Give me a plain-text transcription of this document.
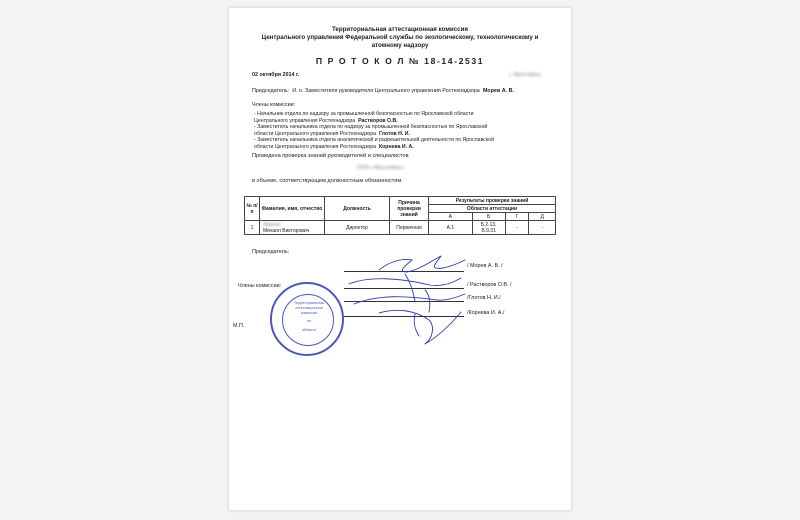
Территориальная аттестационная комиссия
Центрального управления Федеральной службы по экологическому, технологическому и
атомному надзору
П Р О Т О К О Л № 18-14-2531
02 октября 2014 г.	г. Ярославль
Председатель: И. о. Заместителя руководителя Центрального управления Ростехнадзора Морев А. В.
Члены комиссии:
- Начальник отдела по надзору за промышленной безопасностью по Ярославской области
Центрального управления Ростехнадзора Растворов О.В.
- Заместитель начальника отдела по надзору за промышленной безопасностью по Ярославской
области Центрального управления Ростехнадзора Глотов Н. И.
- Заместитель начальника отдела аналитической и разрешительной деятельности по Ярославской
области Центрального управления Ростехнадзора Корнева И. А.
Проведена проверка знаний руководителей и специалистов
ООО «Ярославль»
в объеме, соответствующем должностным обязанностям.
№ п/п	Фамилия, имя, отчество	Должность	Причина проверки знаний	Результаты проверки знаний			
				Области аттестации			
				А	Б	Г	Д
1	Иванов
Михаил Викторович	Директор	Первичная	А.1	Б.2.13, Б.9.31	-	-
Председатель:
Члены комиссии:
/ Морев А. В. /
/ Растворов О.В. /
/Глотов Н. И./
/Корнева И. А./
М.П.
Территориальная
аттестационная
комиссия
по
области
